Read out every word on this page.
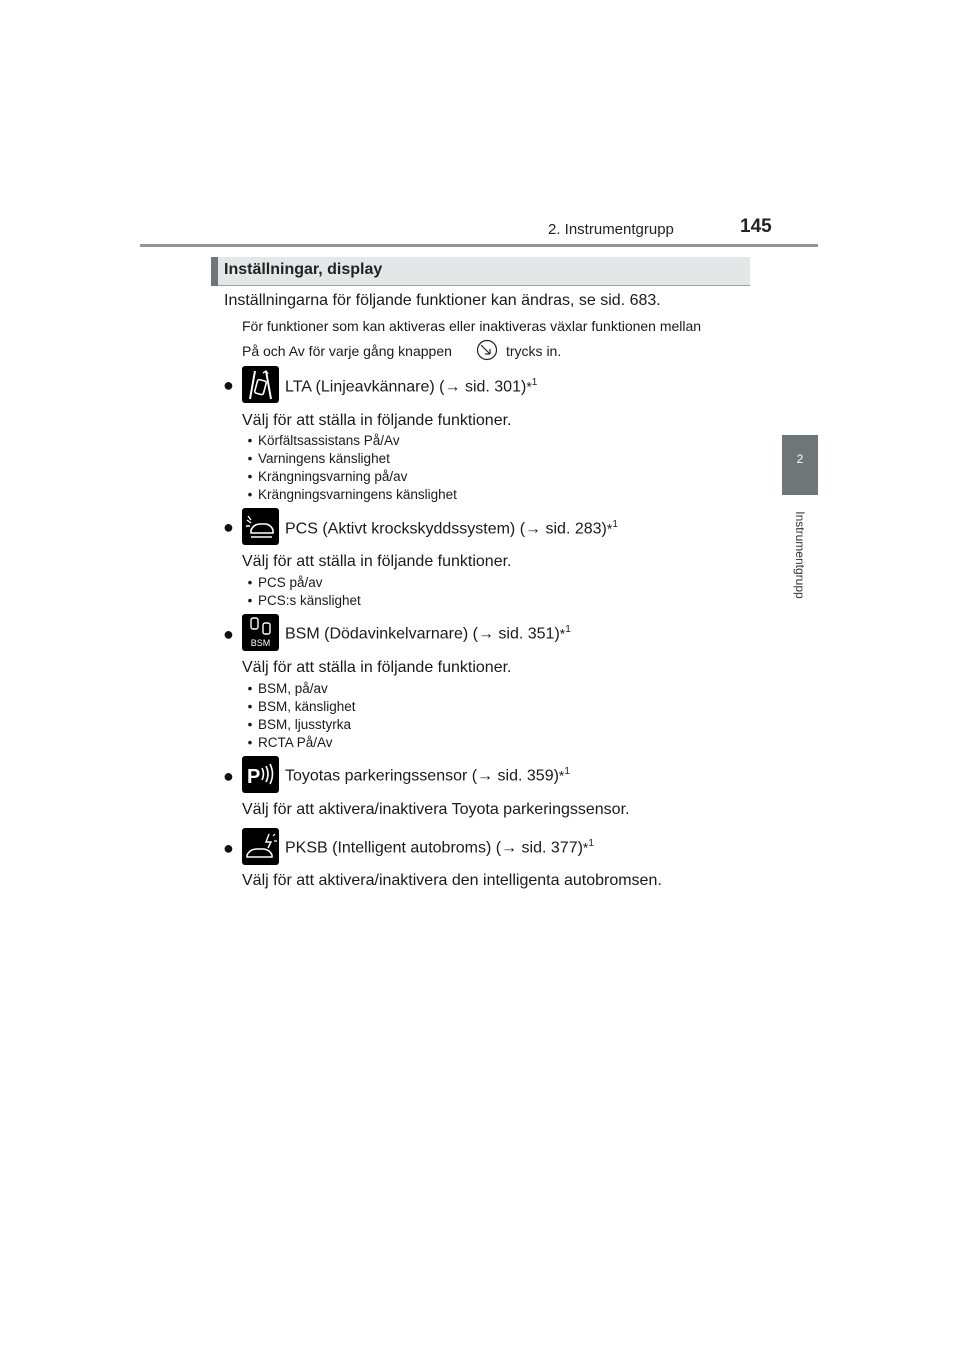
2. Instrumentgrupp	145
2
Instrumentgrupp
Inställningar, display
Inställningarna för följande funktioner kan ändras, se sid. 683.
För funktioner som kan aktiveras eller inaktiveras växlar funktionen mellan
På och Av för varje gång knappen	trycks in.
●	LTA (Linjeavkännare) (→ sid. 301)*$^1$
Välj för att ställa in följande funktioner.
• Körfältsassistans På/Av
• Varningens känslighet
• Krängningsvarning på/av
• Krängningsvarningens känslighet
●	PCS (Aktivt krockskyddssystem) (→ sid. 283)*$^1$
Välj för att ställa in följande funktioner.
• PCS på/av
• PCS:s känslighet
● BSM
BSM (Dödavinkelvarnare) (→ sid. 351)*$^1$
Välj för att ställa in följande funktioner.
• BSM, på/av
• BSM, känslighet
• BSM, ljusstyrka
• RCTA På/Av
● P Toyotas parkeringssensor (→ sid. 359)*$^1$
Välj för att aktivera/inaktivera Toyota parkeringssensor.
●	PKSB (Intelligent autobroms) (→ sid. 377)*$^1$
Välj för att aktivera/inaktivera den intelligenta autobromsen.
